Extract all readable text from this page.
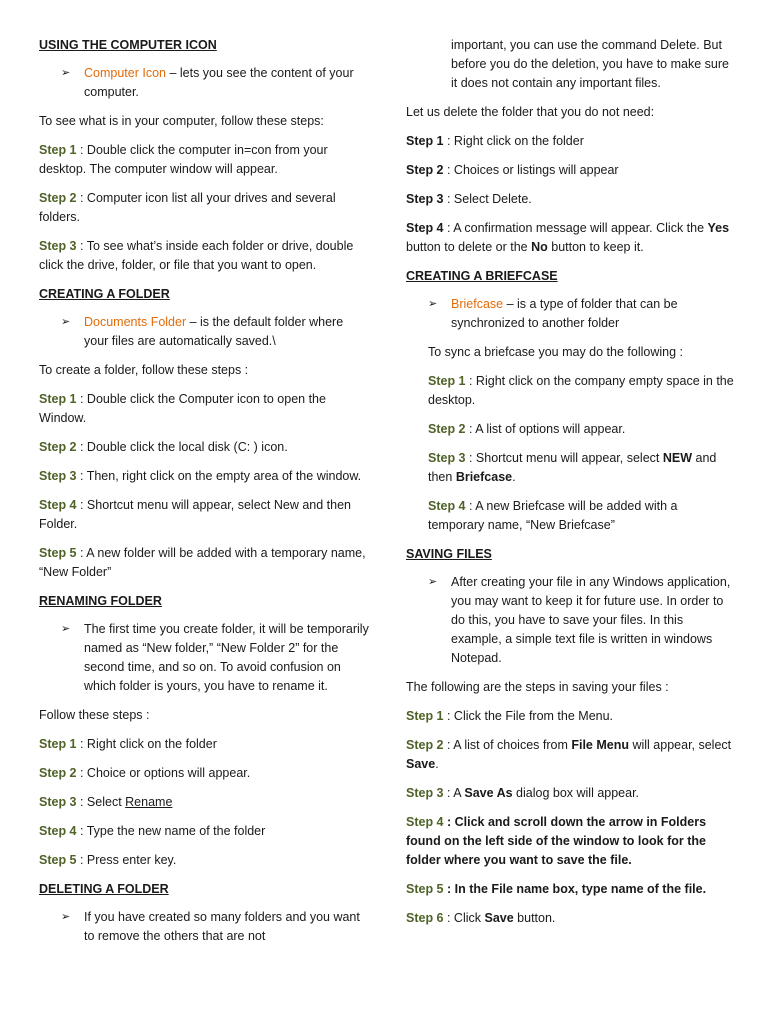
USING THE COMPUTER ICON
➢ Computer Icon – lets you see the content of your computer.
To see what is in your computer, follow these steps:
Step 1 : Double click the computer in=con from your desktop. The computer window will appear.
Step 2 : Computer icon list all your drives and several folders.
Step 3 : To see what’s inside each folder or drive, double click the drive, folder, or file that you want to open.
CREATING A FOLDER
➢ Documents Folder – is the default folder where your files are automatically saved.\
To create a folder, follow these steps :
Step 1 : Double click the Computer icon to open the Window.
Step 2 : Double click the local disk (C: ) icon.
Step 3 : Then, right click on the empty area of the window.
Step 4 : Shortcut menu will appear, select New and then Folder.
Step 5 : A new folder will be added with a temporary name, “New Folder”
RENAMING FOLDER
➢ The first time you create folder, it will be temporarily named as “New folder,” “New Folder 2” for the second time, and so on. To avoid confusion on which folder is yours, you have to rename it.
Follow these steps :
Step 1 : Right click on the folder
Step 2 : Choice or options will appear.
Step 3 : Select Rename
Step 4 : Type the new name of the folder
Step 5 : Press enter key.
DELETING A FOLDER
➢ If you have created so many folders and you want to remove the others that are not
important, you can use the command Delete. But before you do the deletion, you have to make sure it does not contain any important files.
Let us delete the folder that you do not need:
Step 1 : Right click on the folder
Step 2 : Choices or listings will appear
Step 3 : Select Delete.
Step 4 : A confirmation message will appear. Click the Yes button to delete or the No button to keep it.
CREATING A BRIEFCASE
➢ Briefcase – is a type of folder that can be synchronized to another folder
To sync a briefcase you may do the following :
Step 1 : Right click on the company empty space in the desktop.
Step 2 : A list of options will appear.
Step 3 : Shortcut menu will appear, select NEW and then Briefcase.
Step 4 : A new Briefcase will be added with a temporary name, “New Briefcase”
SAVING FILES
➢ After creating your file in any Windows application, you may want to keep it for future use. In order to do this, you have to save your files. In this example, a simple text file is written in windows Notepad.
The following are the steps in saving your files :
Step 1 : Click the File from the Menu.
Step 2 : A list of choices from File Menu will appear, select Save.
Step 3 : A Save As dialog box will appear.
Step 4 : Click and scroll down the arrow in Folders found on the left side of the window to look for the folder where you want to save the file.
Step 5 : In the File name box, type name of the file.
Step 6 : Click Save button.
